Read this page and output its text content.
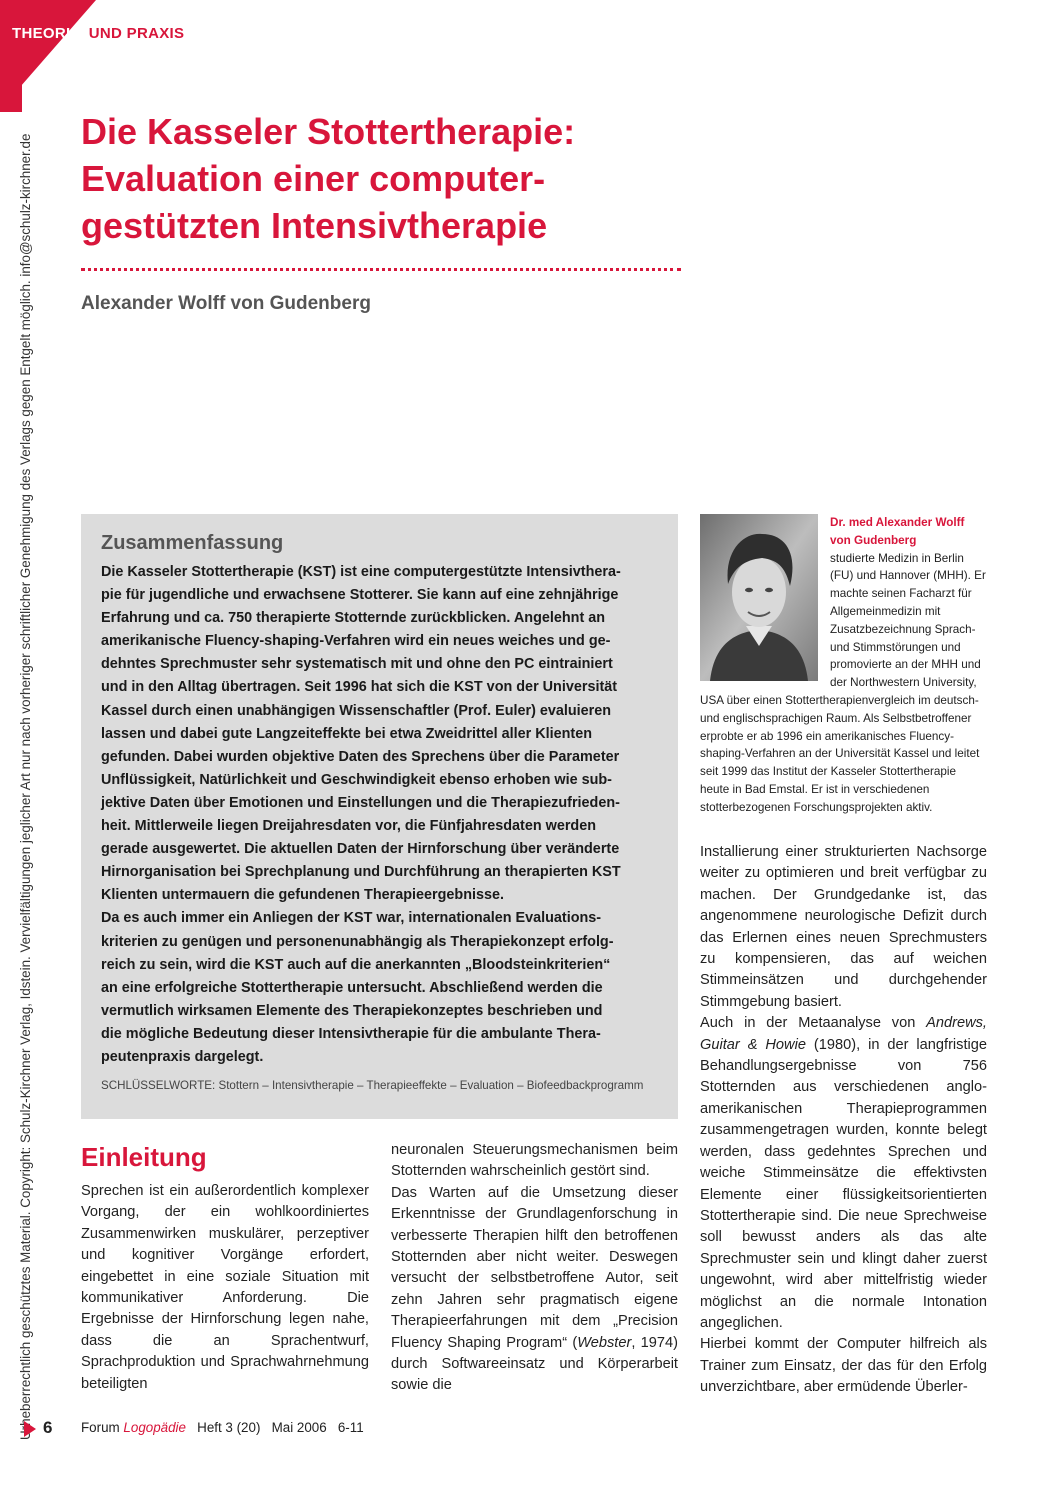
THEORIE UND PRAXIS
Urheberrechtlich geschütztes Material. Copyright: Schulz-Kirchner Verlag, Idstein. Vervielfältigungen jeglicher Art nur nach vorheriger schriftlicher Genehmigung des Verlags gegen Entgelt möglich. info@schulz-kirchner.de
Die Kasseler Stottertherapie:
Evaluation einer computer-
gestützten Intensivtherapie
Alexander Wolff von Gudenberg
Zusammenfassung

Die Kasseler Stottertherapie (KST) ist eine computergestützte Intensivthera-
pie für jugendliche und erwachsene Stotterer. Sie kann auf eine zehnjährige
Erfahrung und ca. 750 therapierte Stotternde zurückblicken. Angelehnt an
amerikanische Fluency-shaping-Verfahren wird ein neues weiches und ge-
dehntes Sprechmuster sehr systematisch mit und ohne den PC eintrainiert
und in den Alltag übertragen. Seit 1996 hat sich die KST von der Universität
Kassel durch einen unabhängigen Wissenschaftler (Prof. Euler) evaluieren
lassen und dabei gute Langzeiteffekte bei etwa Zweidrittel aller Klienten
gefunden. Dabei wurden objektive Daten des Sprechens über die Parameter
Unflüssigkeit, Natürlichkeit und Geschwindigkeit ebenso erhoben wie sub-
jektive Daten über Emotionen und Einstellungen und die Therapiezufrieden-
heit. Mittlerweile liegen Dreijahresdaten vor, die Fünfjahresdaten werden
gerade ausgewertet. Die aktuellen Daten der Hirnforschung über veränderte
Hirnorganisation bei Sprechplanung und Durchführung an therapierten KST
Klienten untermauern die gefundenen Therapieergebnisse.
Da es auch immer ein Anliegen der KST war, internationalen Evaluations-
kriterien zu genügen und personenunabhängig als Therapiekonzept erfolg-
reich zu sein, wird die KST auch auf die anerkannten „Bloodsteinkriterien“
an eine erfolgreiche Stottertherapie untersucht. Abschließend werden die
vermutlich wirksamen Elemente des Therapiekonzeptes beschrieben und
die mögliche Bedeutung dieser Intensivtherapie für die ambulante Thera-
peutenpraxis dargelegt.

SCHLÜSSELWORTE: Stottern – Intensivtherapie – Therapieeffekte – Evaluation – Biofeedbackprogramm

Dr. med Alexander Wolff von Gudenberg
studierte Medizin in Berlin (FU) und Hannover (MHH). Er machte seinen Facharzt für Allgemeinmedizin mit Zusatzbezeichnung Sprach- und Stimmstörungen und promovierte an der MHH und der Northwestern University, USA über einen Stottertherapienvergleich im deutsch- und englischsprachigen Raum. Als Selbstbetroffener erprobte er ab 1996 ein amerikanisches Fluency-shaping-Verfahren an der Universität Kassel und leitet seit 1999 das Institut der Kasseler Stottertherapie heute in Bad Emstal. Er ist in verschiedenen stotterbezogenen Forschungsprojekten aktiv.

Einleitung

Sprechen ist ein außerordentlich komplexer Vorgang, der ein wohlkoordiniertes Zusammenwirken muskulärer, perzeptiver und kognitiver Vorgänge erfordert, eingebettet in eine soziale Situation mit kommunikativer Anforderung. Die Ergebnisse der Hirnforschung legen nahe, dass die an Sprachentwurf, Sprachproduktion und Sprachwahrnehmung beteiligten

neuronalen Steuerungsmechanismen beim Stotternden wahrscheinlich gestört sind.

Das Warten auf die Umsetzung dieser Erkenntnisse der Grundlagenforschung in verbesserte Therapien hilft den betroffenen Stotternden aber nicht weiter. Deswegen versucht der selbstbetroffene Autor, seit zehn Jahren sehr pragmatisch eigene Therapieerfahrungen mit dem „Precision Fluency Shaping Program“ (Webster, 1974) durch Softwareeinsatz und Körperarbeit sowie die

Installierung einer strukturierten Nachsorge weiter zu optimieren und breit verfügbar zu machen. Der Grundgedanke ist, das angenommene neurologische Defizit durch das Erlernen eines neuen Sprechmusters zu kompensieren, das auf weichen Stimmeinsätzen und durchgehender Stimmgebung basiert.

Auch in der Metaanalyse von Andrews, Guitar & Howie (1980), in der langfristige Behandlungsergebnisse von 756 Stotternden aus verschiedenen anglo-amerikanischen Therapieprogrammen zusammengetragen wurden, konnte belegt werden, dass gedehntes Sprechen und weiche Stimmeinsätze die effektivsten Elemente einer flüssigkeitsorientierten Stottertherapie sind. Die neue Sprechweise soll bewusst anders als das alte Sprechmuster sein und klingt daher zuerst ungewohnt, wird aber mittelfristig wieder möglichst an die normale Intonation angeglichen.

Hierbei kommt der Computer hilfreich als Trainer zum Einsatz, der das für den Erfolg unverzichtbare, aber ermüdende Überler-

6 Forum Logopädie Heft 3 (20) Mai 2006 6-11
